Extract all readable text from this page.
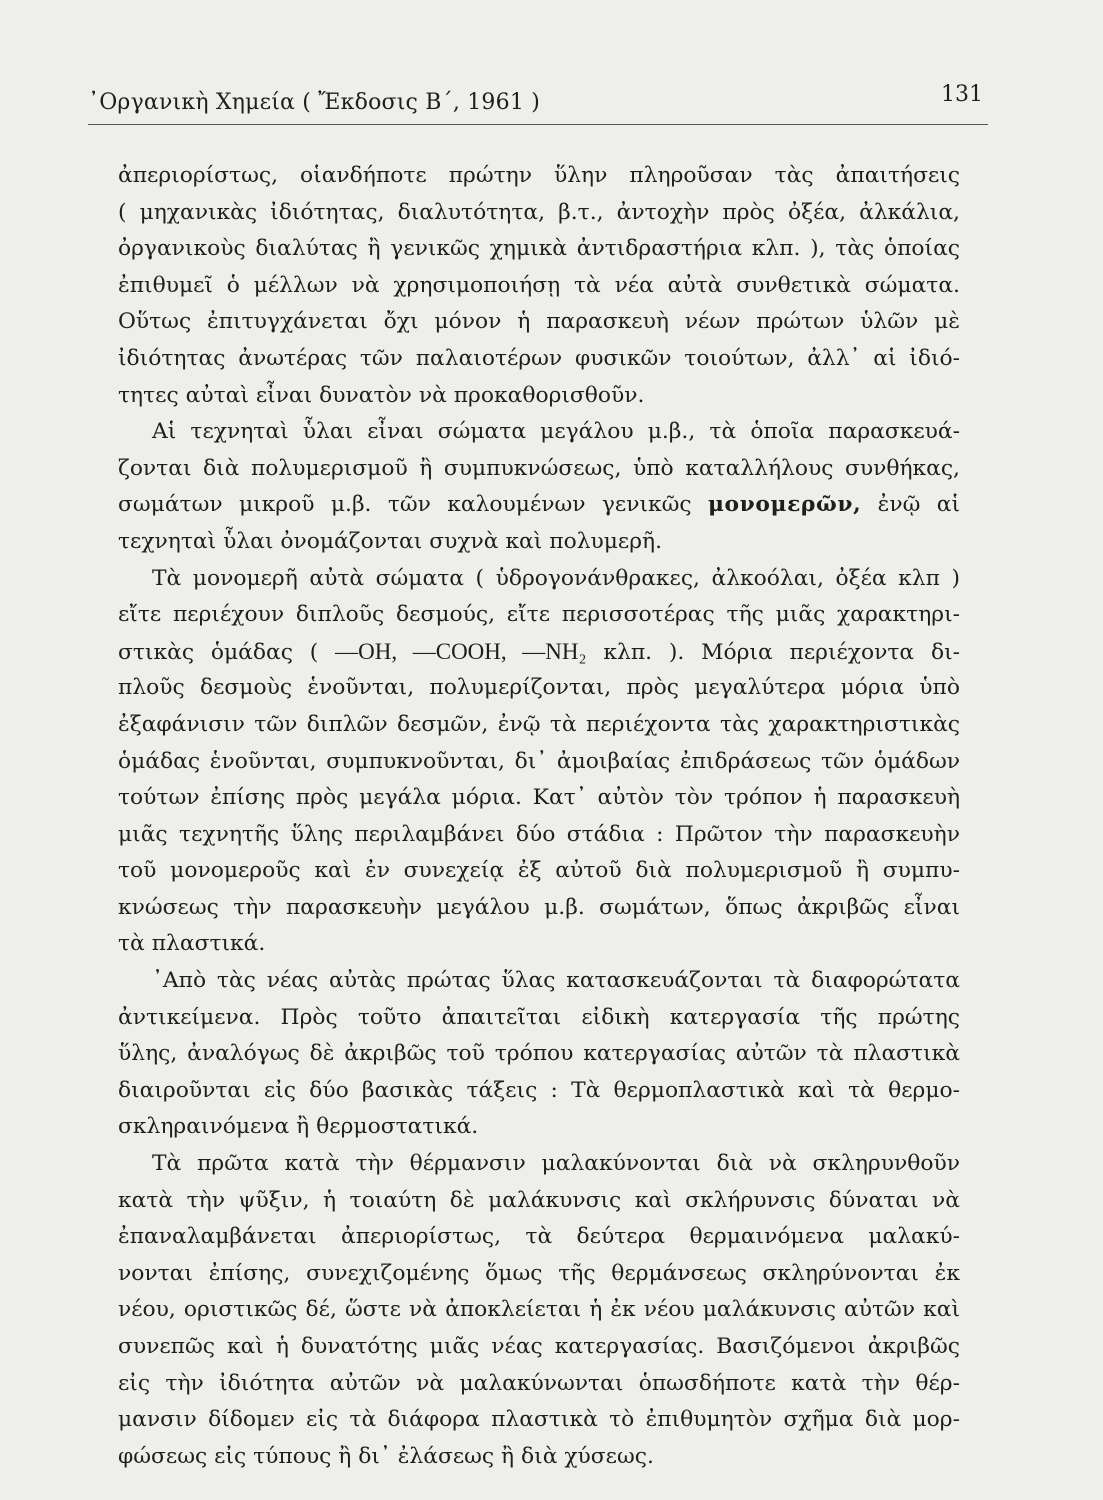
᾽Οργανικὴ Χημεία ( Ἔκδοσις Β΄, 1961 )	131
ἀπεριορίστως, οἱανδήποτε πρώτην ὕλην πληροῦσαν τὰς ἀπαιτήσεις
( μηχανικὰς ἰδιότητας, διαλυτότητα, β.τ., ἀντοχὴν πρὸς ὀξέα, ἀλκάλια,
ὀργανικοὺς διαλύτας ἢ γενικῶς χημικὰ ἀντιδραστήρια κλπ. ), τὰς ὁποίας
ἐπιθυμεῖ ὁ μέλλων νὰ χρησιμοποιήσῃ τὰ νέα αὐτὰ συνθετικὰ σώματα.
Οὕτως ἐπιτυγχάνεται ὄχι μόνον ἡ παρασκευὴ νέων πρώτων ὑλῶν μὲ
ἰδιότητας ἀνωτέρας τῶν παλαιοτέρων φυσικῶν τοιούτων, ἀλλ᾽ αἱ ἰδιό-
τητες αὐταὶ εἶναι δυνατὸν νὰ προκαθορισθοῦν.
Αἱ τεχνηταὶ ὗλαι εἶναι σώματα μεγάλου μ.β., τὰ ὁποῖα παρασκευά-
ζονται διὰ πολυμερισμοῦ ἢ συμπυκνώσεως, ὑπὸ καταλλήλους συνθήκας,
σωμάτων μικροῦ μ.β. τῶν καλουμένων γενικῶς μονομερῶν, ἐνῷ αἱ
τεχνηταὶ ὗλαι ὀνομάζονται συχνὰ καὶ πολυμερῆ.
Τὰ μονομερῆ αὐτὰ σώματα ( ὑδρογονάνθρακες, ἀλκοόλαι, ὀξέα κλπ )
εἴτε περιέχουν διπλοῦς δεσμούς, εἴτε περισσοτέρας τῆς μιᾶς χαρακτηρι-
στικὰς ὁμάδας ( —OH, —COOH, —NH₂ κλπ. ). Μόρια περιέχοντα δι-
πλοῦς δεσμοὺς ἑνοῦνται, πολυμερίζονται, πρὸς μεγαλύτερα μόρια ὑπὸ
ἐξαφάνισιν τῶν διπλῶν δεσμῶν, ἐνῷ τὰ περιέχοντα τὰς χαρακτηριστικὰς
ὁμάδας ἑνοῦνται, συμπυκνοῦνται, δι᾽ ἀμοιβαίας ἐπιδράσεως τῶν ὁμάδων
τούτων ἐπίσης πρὸς μεγάλα μόρια. Κατ᾽ αὐτὸν τὸν τρόπον ἡ παρασκευὴ
μιᾶς τεχνητῆς ὕλης περιλαμβάνει δύο στάδια : Πρῶτον τὴν παρασκευὴν
τοῦ μονομεροῦς καὶ ἐν συνεχείᾳ ἐξ αὐτοῦ διὰ πολυμερισμοῦ ἢ συμπυ-
κνώσεως τὴν παρασκευὴν μεγάλου μ.β. σωμάτων, ὅπως ἀκριβῶς εἶναι
τὰ πλαστικά.
᾽Απὸ τὰς νέας αὐτὰς πρώτας ὕλας κατασκευάζονται τὰ διαφορώτατα
ἀντικείμενα. Πρὸς τοῦτο ἀπαιτεῖται εἰδικὴ κατεργασία τῆς πρώτης
ὕλης, ἀναλόγως δὲ ἀκριβῶς τοῦ τρόπου κατεργασίας αὐτῶν τὰ πλαστικὰ
διαιροῦνται εἰς δύο βασικὰς τάξεις : Τὰ θερμοπλαστικὰ καὶ τὰ θερμο-
σκληραινόμενα ἢ θερμοστατικά.
Τὰ πρῶτα κατὰ τὴν θέρμανσιν μαλακύνονται διὰ νὰ σκληρυνθοῦν
κατὰ τὴν ψῦξιν, ἡ τοιαύτη δὲ μαλάκυνσις καὶ σκλήρυνσις δύναται νὰ
ἐπαναλαμβάνεται ἀπεριορίστως, τὰ δεύτερα θερμαινόμενα μαλακύ-
νονται ἐπίσης, συνεχιζομένης ὅμως τῆς θερμάνσεως σκληρύνονται ἐκ
νέου, οριστικῶς δέ, ὥστε νὰ ἀποκλείεται ἡ ἐκ νέου μαλάκυνσις αὐτῶν καὶ
συνεπῶς καὶ ἡ δυνατότης μιᾶς νέας κατεργασίας. Βασιζόμενοι ἀκριβῶς
εἰς τὴν ἰδιότητα αὐτῶν νὰ μαλακύνωνται ὁπωσδήποτε κατὰ τὴν θέρ-
μανσιν δίδομεν εἰς τὰ διάφορα πλαστικὰ τὸ ἐπιθυμητὸν σχῆμα διὰ μορ-
φώσεως εἰς τύπους ἢ δι᾽ ἐλάσεως ἢ διὰ χύσεως.
